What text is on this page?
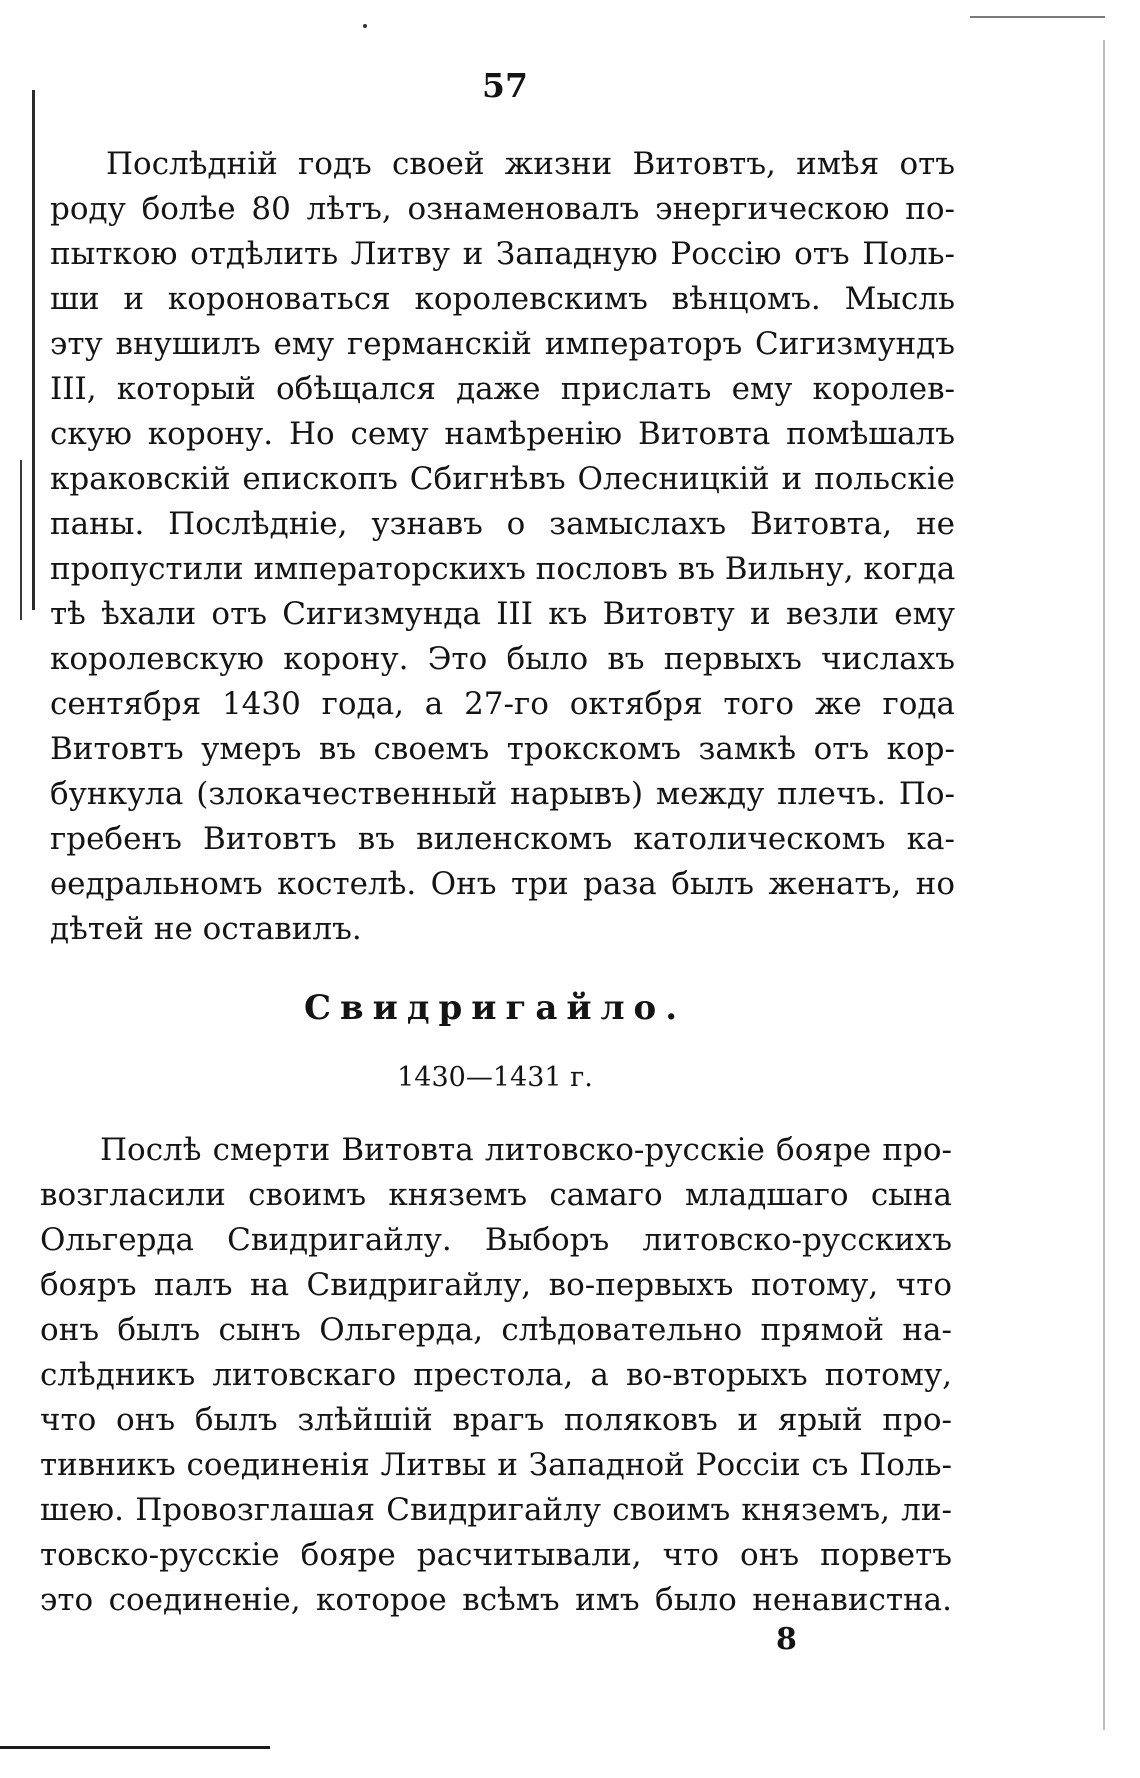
57
Послѣдній годъ своей жизни Витовтъ, имѣя отъ
роду болѣе 80 лѣтъ, ознаменовалъ энергическою по-
пыткою отдѣлить Литву и Западную Россію отъ Поль-
ши и короноваться королевскимъ вѣнцомъ. Мысль
эту внушилъ ему германскій императоръ Сигизмундъ
III, который обѣщался даже прислать ему королев-
скую корону. Но сему намѣренію Витовта помѣшалъ
краковскій епископъ Сбигнѣвъ Олесницкій и польскіе
паны. Послѣдніе, узнавъ о замыслахъ Витовта, не
пропустили императорскихъ пословъ въ Вильну, когда
тѣ ѣхали отъ Сигизмунда III къ Витовту и везли ему
королевскую корону. Это было въ первыхъ числахъ
сентября 1430 года, а 27-го октября того же года
Витовтъ умеръ въ своемъ трокскомъ замкѣ отъ кор-
бункула (злокачественный нарывъ) между плечъ. По-
гребенъ Витовтъ въ виленскомъ католическомъ ка-
ѳедральномъ костелѣ. Онъ три раза былъ женатъ, но
дѣтей не оставилъ.
Свидригайло.
1430—1431 г.
Послѣ смерти Витовта литовско-русскіе бояре про-
возгласили своимъ княземъ самаго младшаго сына
Ольгерда Свидригайлу. Выборъ литовско-русскихъ
бояръ палъ на Свидригайлу, во-первыхъ потому, что
онъ былъ сынъ Ольгерда, слѣдовательно прямой на-
слѣдникъ литовскаго престола, а во-вторыхъ потому,
что онъ былъ злѣйшій врагъ поляковъ и ярый про-
тивникъ соединенія Литвы и Западной Россіи съ Поль-
шею. Провозглашая Свидригайлу своимъ княземъ, ли-
товско-русскіе бояре расчитывали, что онъ порветъ
это соединеніе, которое всѣмъ имъ было ненавистна.
8
